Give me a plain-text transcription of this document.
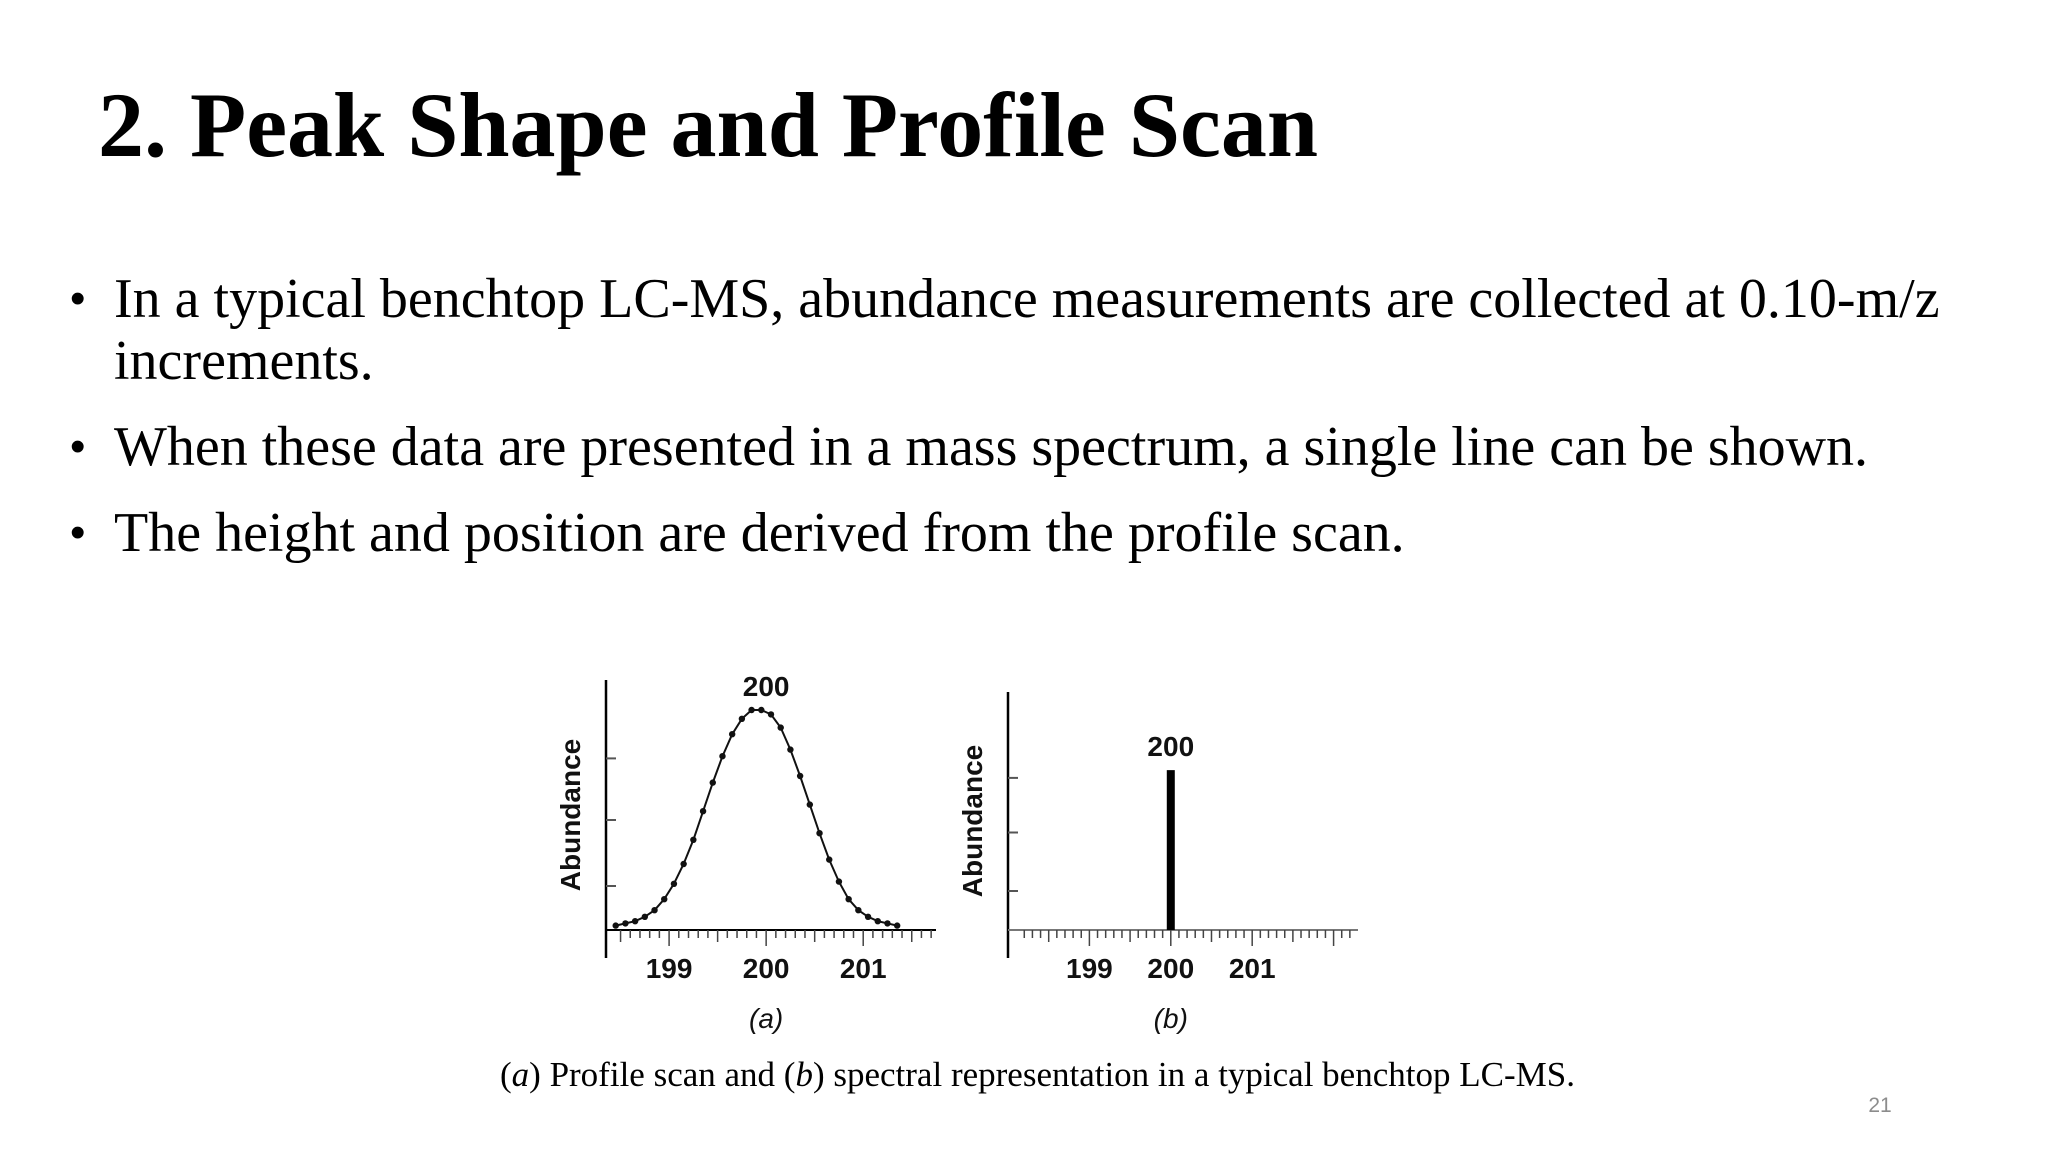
2. Peak Shape and Profile Scan
• In a typical benchtop LC-MS, abundance measurements are collected at 0.10-m/z increments.
• When these data are presented in a mass spectrum, a single line can be shown.
• The height and position are derived from the profile scan.
199 200 201
Abundance
(a)
200
199 200 201
Abundance
(b)
200
(a) Profile scan and (b) spectral representation in a typical benchtop LC-MS.
21
